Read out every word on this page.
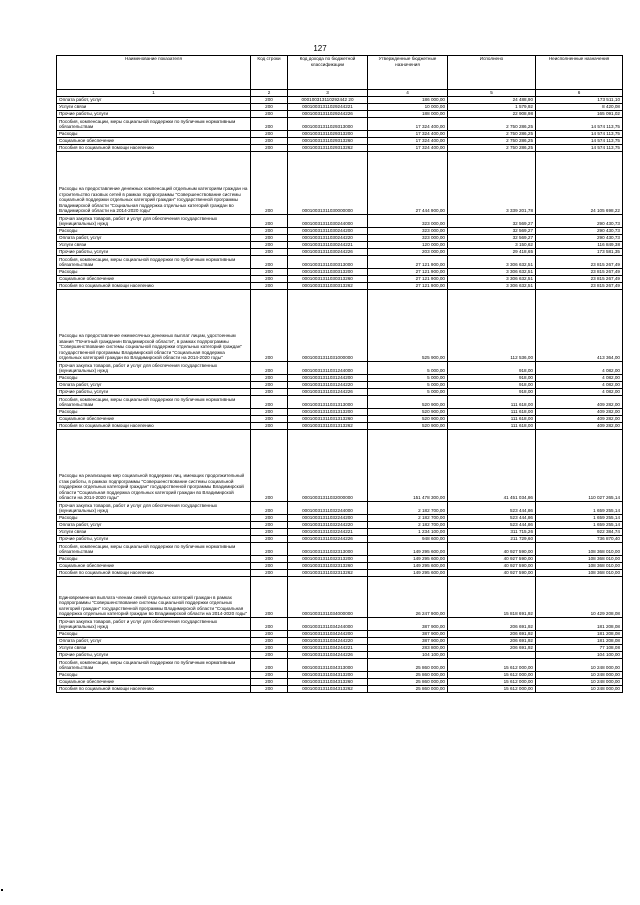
127
Наименование показателя	Код строки	Код дохода по бюджетной классификации	Утвержденные бюджетные назначения	Исполнено	Неисполненные назначения
1	2	3	4	5	6
Оплата работ, услуг	200	000100313110292442 20	186 000,00	24 488,90	173 511,10
Услуги связи	200	00010031311029244221	10 000,00	1 579,92	8 420,08
Прочие работы, услуги	200	00010031311029244226	188 000,00	22 908,98	165 091,02
Пособия, компенсации, меры социальной поддержки по публичным нормативным обязательствам	200	00010031311029313000	17 324 400,00	2 750 286,25	14 574 113,75
Расходы	200	00010031311029313200	17 324 400,00	2 750 286,25	14 574 113,75
Социальное обеспечение	200	00010031311029313260	17 324 400,00	2 750 286,25	14 574 113,75
Пособия по социальной помощи населению	200	00010031311029313262	17 324 400,00	2 750 286,25	14 574 113,75
Расходы на предоставление денежных компенсаций отдельным категориям граждан на строительство газовых сетей в рамках подпрограммы "Совершенствование системы социальной поддержки отдельных категорий граждан" государственной программы Владимирской области "Социальная поддержка отдельных категорий граждан во Владимирской области на 2014-2020 годы"	200	00010031311030000000	27 444 900,00	3 339 201,78	24 105 698,22
Прочая закупка товаров, работ и услуг для обеспечения государственных (муниципальных) нужд	200	00010031311030244000	323 000,00	32 569,27	290 430,73
Расходы	200	00010031311030244200	323 000,00	32 569,27	290 430,73
Оплата работ, услуг	200	00010031311030244220	323 000,00	32 569,27	290 430,73
Услуги связи	200	00010031311030244221	120 000,00	3 150,62	116 849,38
Прочие работы, услуги	200	00010031311030244226	203 000,00	29 418,65	173 581,35
Пособия, компенсации, меры социальной поддержки по публичным нормативным обязательствам	200	00010031311030313000	27 121 900,00	3 306 632,51	23 815 267,49
Расходы	200	00010031311030313200	27 121 900,00	3 306 632,51	23 815 267,49
Социальное обеспечение	200	00010031311030313260	27 121 900,00	3 306 632,51	23 815 267,49
Пособия по социальной помощи населению	200	00010031311030313262	27 121 900,00	3 306 632,51	23 815 267,49
Расходы на предоставление ежемесячных денежных выплат лицам, удостоенным звания "Почетный гражданин Владимирской области", в рамках подпрограммы "Совершенствование системы социальной поддержки отдельных категорий граждан" государственной программы Владимирской области "Социальная поддержка отдельных категорий граждан во Владимирской области на 2014-2020 годы"	200	00010031311031000000	525 900,00	112 536,00	413 364,00
Прочая закупка товаров, работ и услуг для обеспечения государственных (муниципальных) нужд	200	00010031311031244000	5 000,00	918,00	4 082,00
Расходы	200	00010031311031244200	5 000,00	918,00	4 082,00
Оплата работ, услуг	200	00010031311031244220	5 000,00	918,00	4 082,00
Прочие работы, услуги	200	00010031311031244226	5 000,00	918,00	4 082,00
Пособия, компенсации, меры социальной поддержки по публичным нормативным обязательствам	200	00010031311031313000	520 900,00	111 618,00	409 282,00
Расходы	200	00010031311031313200	520 900,00	111 618,00	409 282,00
Социальное обеспечение	200	00010031311031313260	520 900,00	111 618,00	409 282,00
Пособия по социальной помощи населению	200	00010031311031313262	520 900,00	111 618,00	409 282,00
Расходы на реализацию мер социальной поддержки лиц, имеющих продолжительный стаж работы, в рамках подпрограммы "Совершенствование системы социальной поддержки отдельных категорий граждан" государственной программы Владимирской области "Социальная поддержка отдельных категорий граждан во Владимирской области на 2014-2020 годы"	200	00010031311032000000	151 478 300,00	41 451 034,86	110 027 265,14
Прочая закупка товаров, работ и услуг для обеспечения государственных (муниципальных) нужд	200	00010031311032244000	2 182 700,00	523 444,86	1 659 255,14
Расходы	200	00010031311032244200	2 182 700,00	523 444,86	1 659 255,14
Оплата работ, услуг	200	00010031311032244220	2 182 700,00	523 444,86	1 659 255,14
Услуги связи	200	00010031311032244221	1 234 100,00	311 715,26	922 384,74
Прочие работы, услуги	200	00010031311032244226	948 600,00	211 729,60	736 870,40
Пособия, компенсации, меры социальной поддержки по публичным нормативным обязательствам	200	00010031311032313000	149 295 600,00	40 927 590,00	108 368 010,00
Расходы	200	00010031311032313200	149 295 600,00	40 927 590,00	108 368 010,00
Социальное обеспечение	200	00010031311032313260	149 295 600,00	40 927 590,00	108 368 010,00
Пособия по социальной помощи населению	200	00010031311032313262	149 295 600,00	40 927 590,00	108 368 010,00
Единовременная выплата членам семей отдельных категорий граждан в рамках подпрограммы "Совершенствование системы социальной поддержки отдельных категорий граждан" государственной программы Владимирской области "Социальная поддержка отдельных категорий граждан во Владимирской области на 2014-2020 годы"	200	00010031311034000000	26 247 900,00	15 818 691,92	10 429 208,08
Прочая закупка товаров, работ и услуг для обеспечения государственных (муниципальных) нужд	200	00010031311034244000	387 900,00	206 691,92	181 208,08
Расходы	200	00010031311034244200	387 900,00	206 691,92	181 208,08
Оплата работ, услуг	200	00010031311034244220	387 900,00	206 691,92	181 208,08
Услуги связи	200	00010031311034244221	283 800,00	206 691,92	77 108,08
Прочие работы, услуги	200	00010031311034244226	104 100,00		104 100,00
Пособия, компенсации, меры социальной поддержки по публичным нормативным обязательствам	200	00010031311034313000	25 860 000,00	15 612 000,00	10 248 000,00
Расходы	200	00010031311034313200	25 860 000,00	15 612 000,00	10 248 000,00
Социальное обеспечение	200	00010031311034313260	25 860 000,00	15 612 000,00	10 248 000,00
Пособия по социальной помощи населению	200	00010031311034313262	25 860 000,00	15 612 000,00	10 248 000,00
